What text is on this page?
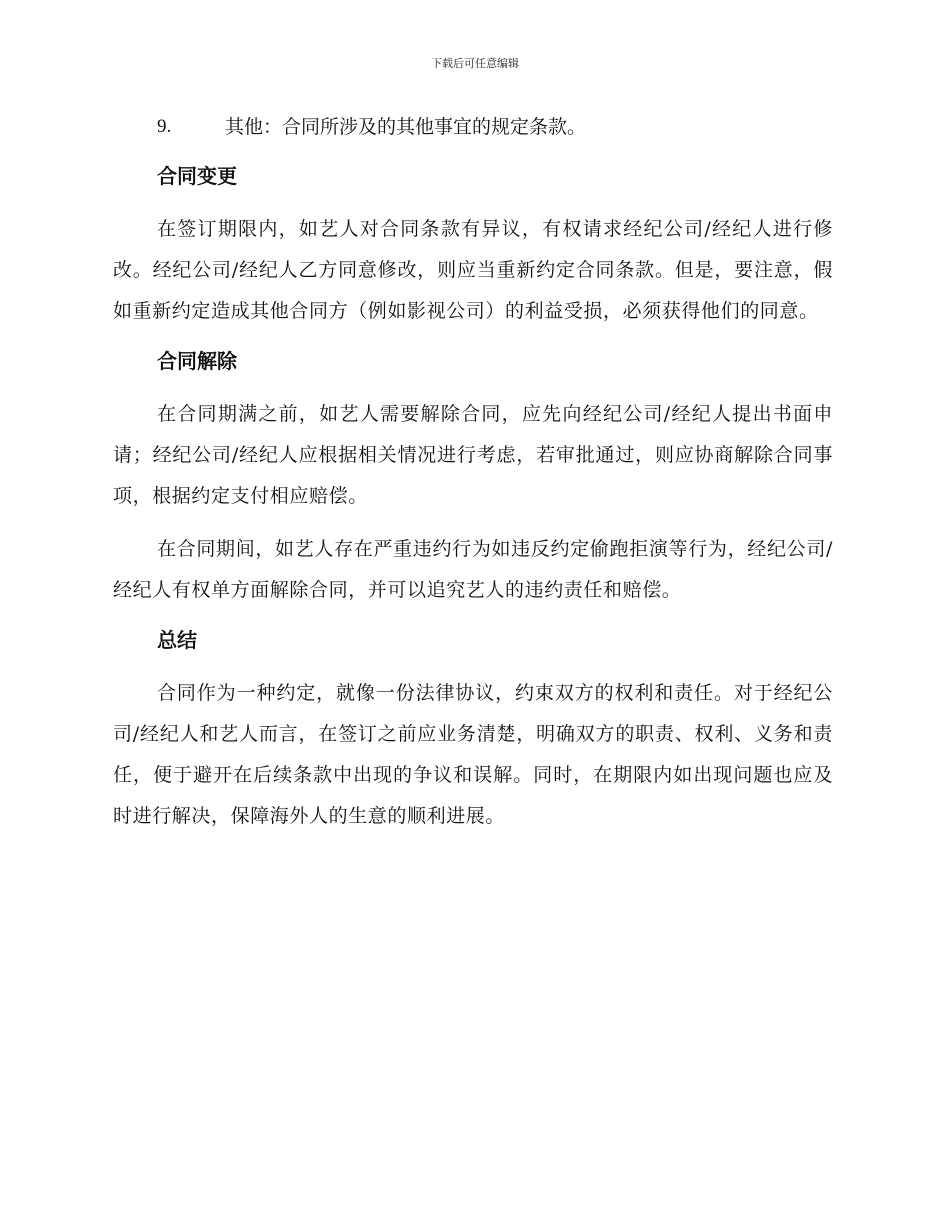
下载后可任意编辑
9.	其他：合同所涉及的其他事宜的规定条款。
合同变更

在签订期限内，如艺人对合同条款有异议，有权请求经纪公司/经纪人进行修改。经纪公司/经纪人乙方同意修改，则应当重新约定合同条款。但是，要注意，假如重新约定造成其他合同方（例如影视公司）的利益受损，必须获得他们的同意。

合同解除

在合同期满之前，如艺人需要解除合同，应先向经纪公司/经纪人提出书面申请；经纪公司/经纪人应根据相关情况进行考虑，若审批通过，则应协商解除合同事项，根据约定支付相应赔偿。

在合同期间，如艺人存在严重违约行为如违反约定偷跑拒演等行为，经纪公司/经纪人有权单方面解除合同，并可以追究艺人的违约责任和赔偿。

总结

合同作为一种约定，就像一份法律协议，约束双方的权利和责任。对于经纪公司/经纪人和艺人而言，在签订之前应业务清楚，明确双方的职责、权利、义务和责任，便于避开在后续条款中出现的争议和误解。同时，在期限内如出现问题也应及时进行解决，保障海外人的生意的顺利进展。
